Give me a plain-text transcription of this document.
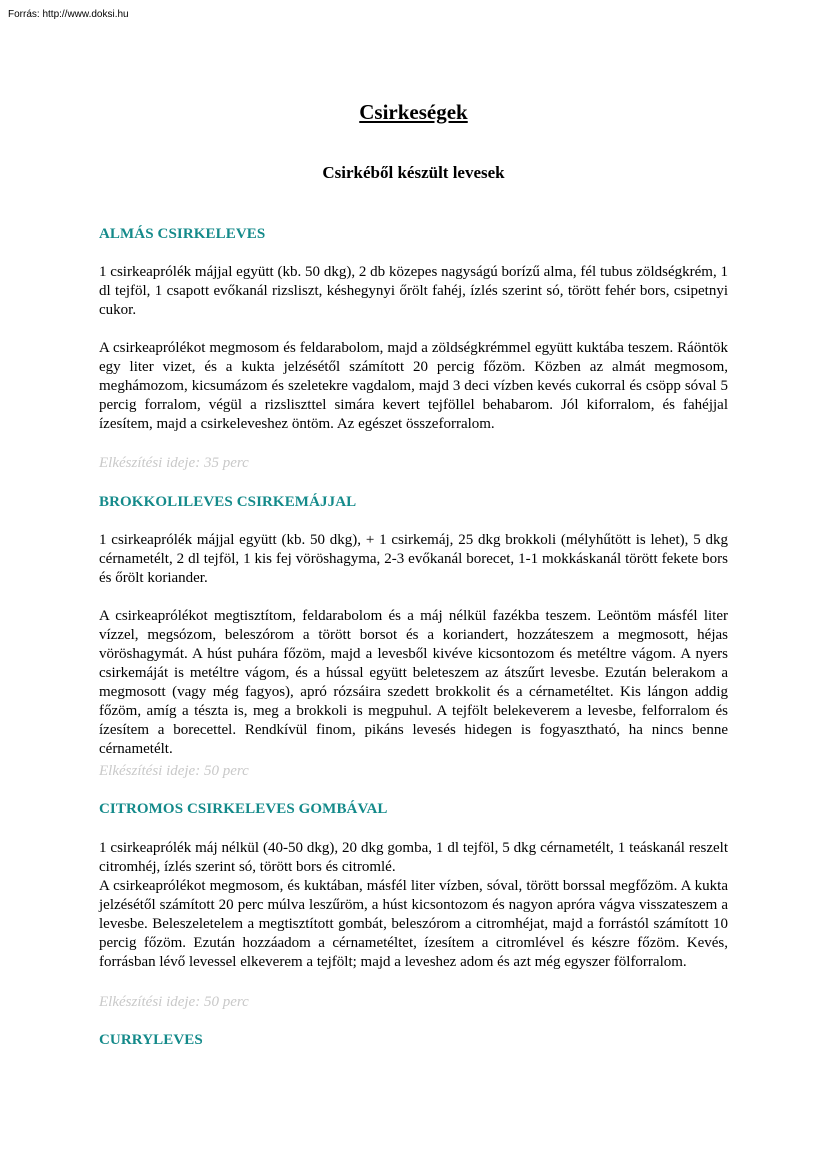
Forrás: http://www.doksi.hu
Csirkeségek
Csirkéből készült levesek
ALMÁS CSIRKELEVES

1 csirkeaprólék májjal együtt (kb. 50 dkg), 2 db közepes nagyságú borízű alma, fél tubus zöldségkrém, 1 dl tejföl, 1 csapott evőkanál rizsliszt, késhegynyi őrölt fahéj, ízlés szerint só, törött fehér bors, csipetnyi cukor.

A csirkeaprólékot megmosom és feldarabolom, majd a zöldségkrémmel együtt kuktába teszem. Ráöntök egy liter vizet, és a kukta jelzésétől számított 20 percig főzöm. Közben az almát megmosom, meghámozom, kicsumázom és szeletekre vagdalom, majd 3 deci vízben kevés cukorral és csöpp sóval 5 percig forralom, végül a rizsliszttel simára kevert tejföllel behabarom. Jól kiforralom, és fahéjjal ízesítem, majd a csirkeleveshez öntöm. Az egészet összeforralom.

Elkészítési ideje: 35 perc
BROKKOLILEVES CSIRKEMÁJJAL

1 csirkeaprólék májjal együtt (kb. 50 dkg), + 1 csirkemáj, 25 dkg brokkoli (mélyhűtött is lehet), 5 dkg cérnametélt, 2 dl tejföl, 1 kis fej vöröshagyma, 2-3 evőkanál borecet, 1-1 mokkáskanál törött fekete bors és őrölt koriander.

A csirkeaprólékot megtisztítom, feldarabolom és a máj nélkül fazékba teszem. Leöntöm másfél liter vízzel, megsózom, beleszórom a törött borsot és a koriandert, hozzáteszem a megmosott, héjas vöröshagymát. A húst puhára főzöm, majd a levesből kivéve kicsontozom és metéltre vágom. A nyers csirkemáját is metéltre vágom, és a hússal együtt beleteszem az átszűrt levesbe. Ezután belerakom a megmosott (vagy még fagyos), apró rózsáira szedett brokkolit és a cérnametéltet. Kis lángon addig főzöm, amíg a tészta is, meg a brokkoli is megpuhul. A tejfölt belekeverem a levesbe, felforralom és ízesítem a borecettel. Rendkívül finom, pikáns levesés hidegen is fogyasztható, ha nincs benne cérnametélt.

Elkészítési ideje: 50 perc
CITROMOS CSIRKELEVES GOMBÁVAL

1 csirkeaprólék máj nélkül (40-50 dkg), 20 dkg gomba, 1 dl tejföl, 5 dkg cérnametélt, 1 teáskanál reszelt citromhéj, ízlés szerint só, törött bors és citromlé.

A csirkeaprólékot megmosom, és kuktában, másfél liter vízben, sóval, törött borssal megfőzöm. A kukta jelzésétől számított 20 perc múlva leszűröm, a húst kicsontozom és nagyon apróra vágva visszateszem a levesbe. Beleszeletelem a megtisztított gombát, beleszórom a citromhéjat, majd a forrástól számított 10 percig főzöm. Ezután hozzáadom a cérnametéltet, ízesítem a citromlével és készre főzöm. Kevés, forrásban lévő levessel elkeverem a tejfölt; majd a leveshez adom és azt még egyszer fölforralom.

Elkészítési ideje: 50 perc
CURRYLEVES
